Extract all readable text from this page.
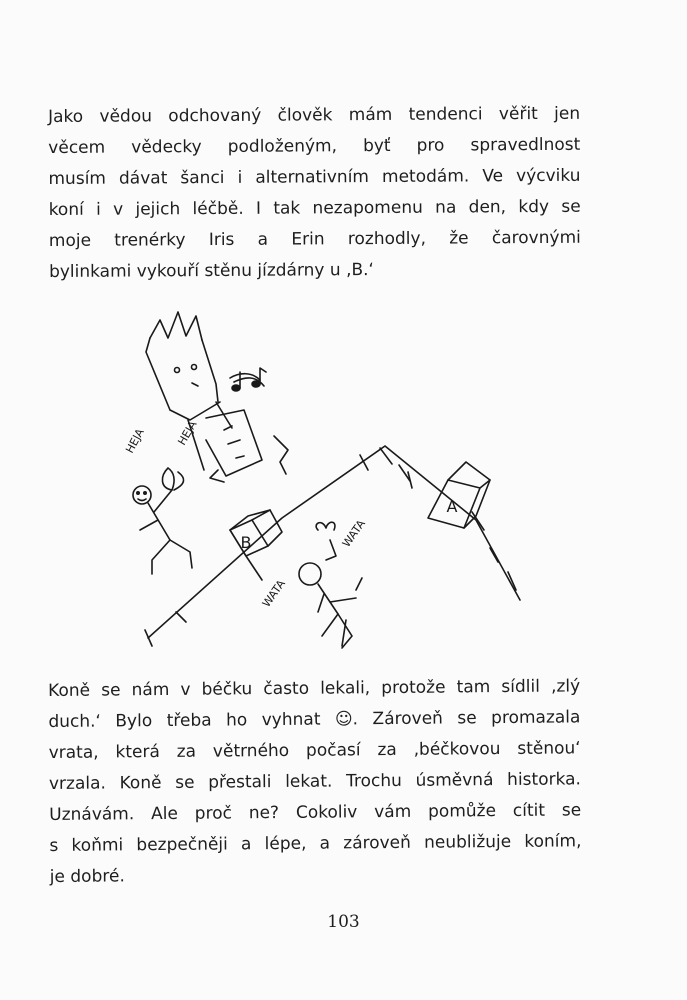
Jako vědou odchovaný člověk mám tendenci věřit jen
věcem vědecky podloženým, byť pro spravedlnost
musím dávat šanci i alternativním metodám. Ve výcviku
koní i v jejich léčbě. I tak nezapomenu na den, kdy se
moje trenérky Iris a Erin rozhodly, že čarovnými
bylinkami vykouří stěnu jízdárny u ‚B.‘
B
A
HEJA	HEJA
WATA
WATA
Koně se nám v béčku často lekali, protože tam sídlil ‚zlý
duch.‘ Bylo třeba ho vyhnat ☺. Zároveň se promazala
vrata, která za větrného počasí za ‚béčkovou stěnou‘
vrzala. Koně se přestali lekat. Trochu úsměvná historka.
Uznávám. Ale proč ne? Cokoliv vám pomůže cítit se
s koňmi bezpečněji a lépe, a zároveň neubližuje koním,
je dobré.
103
